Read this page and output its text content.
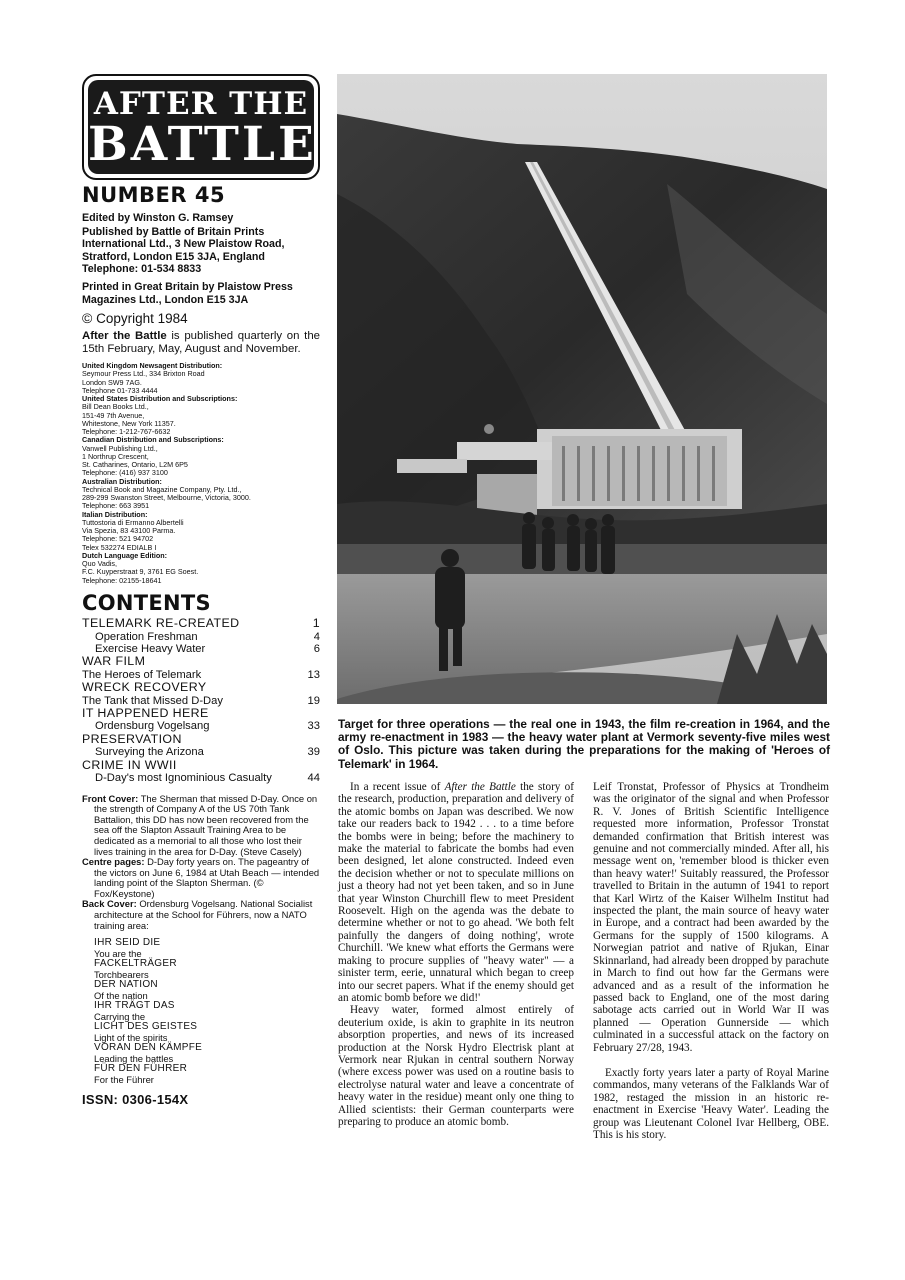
AFTER THE
BATTLE
NUMBER 45
Edited by Winston G. Ramsey
Published by Battle of Britain Prints International Ltd., 3 New Plaistow Road, Stratford, London E15 3JA, England
Telephone: 01-534 8833
Printed in Great Britain by Plaistow Press Magazines Ltd., London E15 3JA
© Copyright 1984
After the Battle is published quarterly on the 15th February, May, August and November.
United Kingdom Newsagent Distribution:
Seymour Press Ltd., 334 Brixton Road
London SW9 7AG.
Telephone 01-733 4444
United States Distribution and Subscriptions:
Bill Dean Books Ltd.,
151-49 7th Avenue,
Whitestone, New York 11357.
Telephone: 1-212-767-6632
Canadian Distribution and Subscriptions:
Vanwell Publishing Ltd.,
1 Northrup Crescent,
St. Catharines, Ontario, L2M 6P5
Telephone: (416) 937 3100
Australian Distribution:
Technical Book and Magazine Company, Pty. Ltd.,
289-299 Swanston Street, Melbourne, Victoria, 3000.
Telephone: 663 3951
Italian Distribution:
Tuttostoria di Ermanno Albertelli
Via Spezia, 83 43100 Parma.
Telephone: 521 94702
Telex 532274 EDIALB I
Dutch Language Edition:
Quo Vadis,
F.C. Kuyperstraat 9, 3761 EG Soest.
Telephone: 02155-18641
CONTENTS
TELEMARK RE-CREATED	1
Operation Freshman	4
Exercise Heavy Water	6
WAR FILM
The Heroes of Telemark	13
WRECK RECOVERY
The Tank that Missed D-Day	19
IT HAPPENED HERE
Ordensburg Vogelsang	33
PRESERVATION
Surveying the Arizona	39
CRIME IN WWII
D-Day's most Ignominious Casualty	44
Front Cover: The Sherman that missed D-Day. Once on the strength of Company A of the US 70th Tank Battalion, this DD has now been recovered from the sea off the Slapton Assault Training Area to be dedicated as a memorial to all those who lost their lives training in the area for D-Day. (Steve Casely)
Centre pages: D-Day forty years on. The pageantry of the victors on June 6, 1984 at Utah Beach — intended landing point of the Slapton Sherman. (© Fox/Keystone)
Back Cover: Ordensburg Vogelsang. National Socialist architecture at the School for Führers, now a NATO training area:
IHR SEID DIE
You are the
FACKELTRÄGER
Torchbearers
DER NATION
Of the nation
IHR TRÄGT DAS
Carrying the
LICHT DES GEISTES
Light of the spirits
VORAN DEN KÄMPFE
Leading the battles
FÜR DEN FÜHRER
For the Führer
ISSN: 0306-154X
Target for three operations — the real one in 1943, the film re-creation in 1964, and the army re-enactment in 1983 — the heavy water plant at Vermork seventy-five miles west of Oslo. This picture was taken during the preparations for the making of 'Heroes of Telemark' in 1964.

In a recent issue of After the Battle the story of the research, production, preparation and delivery of the atomic bombs on Japan was described. We now take our readers back to 1942 . . . to a time before the bombs were in being; before the machinery to make the material to fabricate the bombs had even been designed, let alone constructed. Indeed even the decision whether or not to speculate millions on just a theory had not yet been taken, and so in June that year Winston Churchill flew to meet President Roosevelt. High on the agenda was the debate to determine whether or not to go ahead. 'We both felt painfully the dangers of doing nothing', wrote Churchill. 'We knew what efforts the Germans were making to procure supplies of "heavy water" — a sinister term, eerie, unnatural which began to creep into our secret papers. What if the enemy should get an atomic bomb before we did!'

Heavy water, formed almost entirely of deuterium oxide, is akin to graphite in its neutron absorption properties, and news of its increased production at the Norsk Hydro Electrisk plant at Vermork near Rjukan in central southern Norway (where excess power was used on a routine basis to electrolyse natural water and leave a concentrate of heavy water in the residue) meant only one thing to Allied scientists: their German counterparts were preparing to produce an atomic bomb.

Leif Tronstat, Professor of Physics at Trondheim was the originator of the signal and when Professor R. V. Jones of British Scientific Intelligence requested more information, Professor Tronstat demanded confirmation that British interest was genuine and not commercially minded. After all, his message went on, 'remember blood is thicker even than heavy water!' Suitably reassured, the Professor travelled to Britain in the autumn of 1941 to report that Karl Wirtz of the Kaiser Wilhelm Institut had inspected the plant, the main source of heavy water in Europe, and a contract had been awarded by the Germans for the supply of 1500 kilograms. A Norwegian patriot and native of Rjukan, Einar Skinnarland, had already been dropped by parachute in March to find out how far the Germans were advanced and as a result of the information he passed back to England, one of the most daring sabotage acts carried out in World War II was planned — Operation Gunnerside — which culminated in a successful attack on the factory on February 27/28, 1943.

Exactly forty years later a party of Royal Marine commandos, many veterans of the Falklands War of 1982, restaged the mission in an historic re-enactment in Exercise 'Heavy Water'. Leading the group was Lieutenant Colonel Ivar Hellberg, OBE. This is his story.
